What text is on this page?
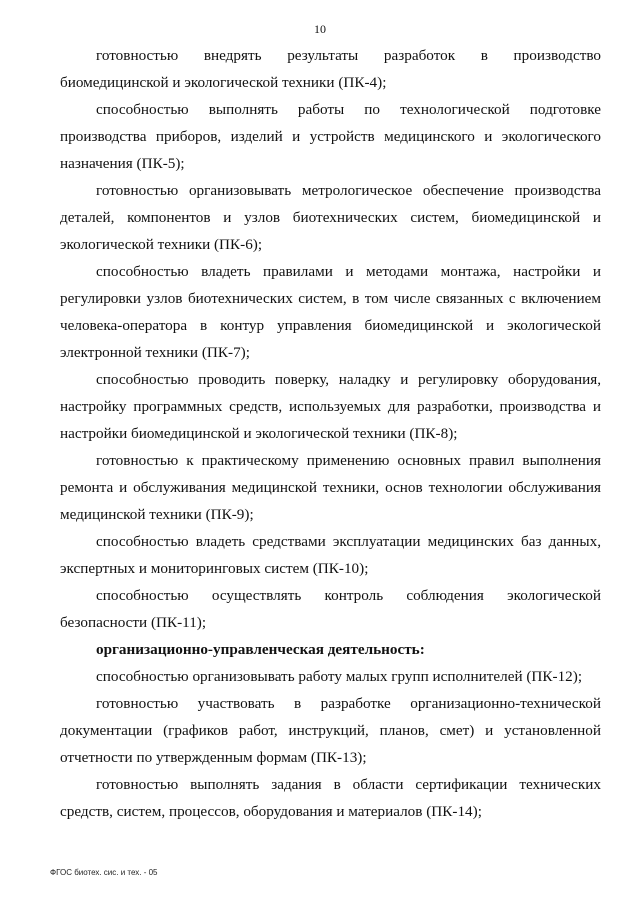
10

готовностью внедрять результаты разработок в производство биомедицинской и экологической техники (ПК-4);

способностью выполнять работы по технологической подготовке производства приборов, изделий и устройств медицинского и экологического назначения (ПК-5);

готовностью организовывать метрологическое обеспечение производства деталей, компонентов и узлов биотехнических систем, биомедицинской и экологической техники (ПК-6);

способностью владеть правилами и методами монтажа, настройки и регулировки узлов биотехнических систем, в том числе связанных с включением человека-оператора в контур управления биомедицинской и экологической электронной техники (ПК-7);

способностью проводить поверку, наладку и регулировку оборудования, настройку программных средств, используемых для разработки, производства и настройки биомедицинской и экологической техники (ПК-8);

готовностью к практическому применению основных правил выполнения ремонта и обслуживания медицинской техники, основ технологии обслуживания медицинской техники (ПК-9);

способностью владеть средствами эксплуатации медицинских баз данных, экспертных и мониторинговых систем (ПК-10);

способностью осуществлять контроль соблюдения экологической безопасности (ПК-11);

организационно-управленческая деятельность:

способностью организовывать работу малых групп исполнителей (ПК-12);

готовностью участвовать в разработке организационно-технической документации (графиков работ, инструкций, планов, смет) и установленной отчетности по утвержденным формам (ПК-13);

готовностью выполнять задания в области сертификации технических средств, систем, процессов, оборудования и материалов (ПК-14);

ФГОС биотех. сис. и тех. - 05
